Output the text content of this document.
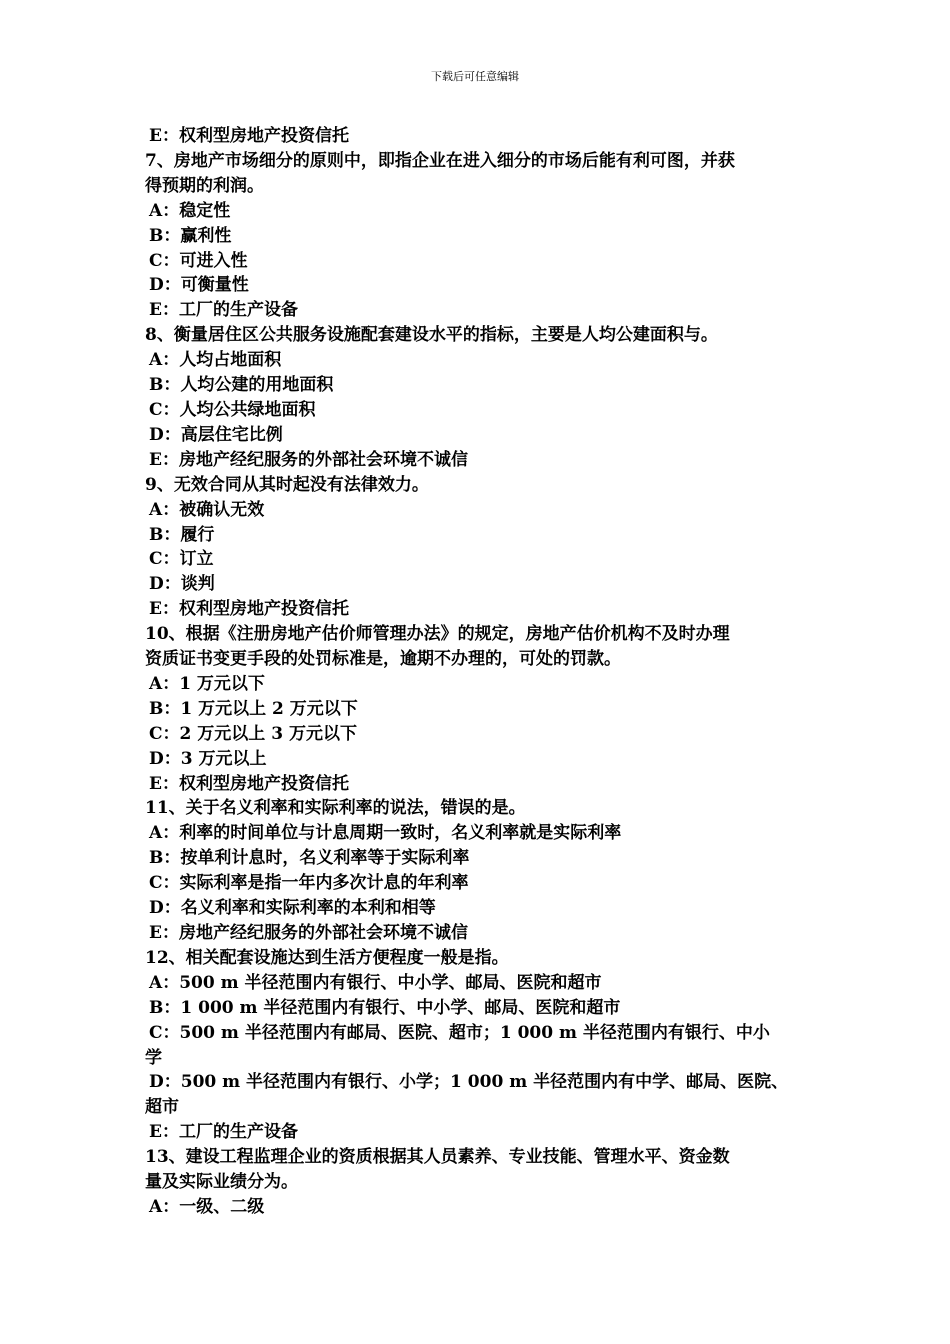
下载后可任意编辑
E：权利型房地产投资信托
7、房地产市场细分的原则中，即指企业在进入细分的市场后能有利可图，并获
得预期的利润。
A：稳定性
B：赢利性
C：可进入性
D：可衡量性
E：工厂的生产设备
8、衡量居住区公共服务设施配套建设水平的指标，主要是人均公建面积与。
A：人均占地面积
B：人均公建的用地面积
C：人均公共绿地面积
D：高层住宅比例
E：房地产经纪服务的外部社会环境不诚信
9、无效合同从其时起没有法律效力。
A：被确认无效
B：履行
C：订立
D：谈判
E：权利型房地产投资信托
10、根据《注册房地产估价师管理办法》的规定，房地产估价机构不及时办理
资质证书变更手段的处罚标准是，逾期不办理的，可处的罚款。
A：1 万元以下
B：1 万元以上 2 万元以下
C：2 万元以上 3 万元以下
D：3 万元以上
E：权利型房地产投资信托
11、关于名义利率和实际利率的说法，错误的是。
A：利率的时间单位与计息周期一致时，名义利率就是实际利率
B：按单利计息时，名义利率等于实际利率
C：实际利率是指一年内多次计息的年利率
D：名义利率和实际利率的本利和相等
E：房地产经纪服务的外部社会环境不诚信
12、相关配套设施达到生活方便程度一般是指。
A：500 m 半径范围内有银行、中小学、邮局、医院和超市
B：1 000 m 半径范围内有银行、中小学、邮局、医院和超市
C：500 m 半径范围内有邮局、医院、超市；1 000 m 半径范围内有银行、中小
学
D：500 m 半径范围内有银行、小学；1 000 m 半径范围内有中学、邮局、医院、
超市
E：工厂的生产设备
13、建设工程监理企业的资质根据其人员素养、专业技能、管理水平、资金数
量及实际业绩分为。
A：一级、二级
